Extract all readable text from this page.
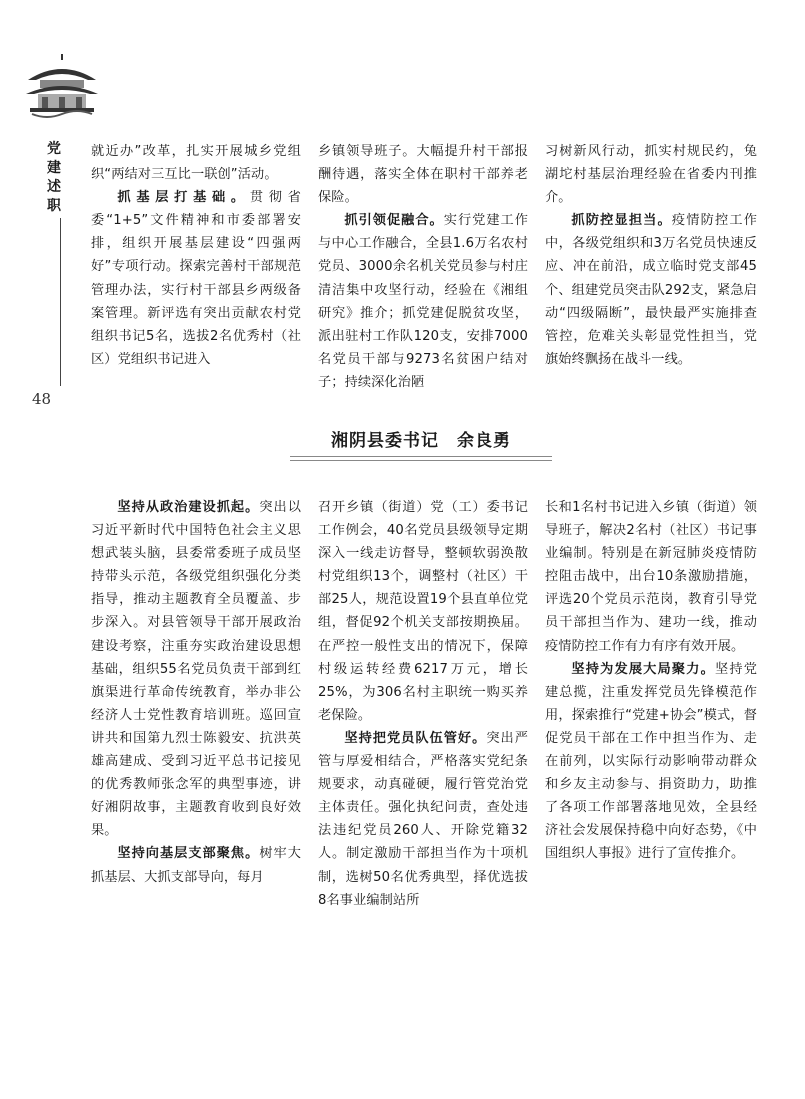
党建述职
48

就近办”改革，扎实开展城乡党组织“两结对三互比一联创”活动。

抓基层打基础。贯彻省委“1+5”文件精神和市委部署安排，组织开展基层建设“四强两好”专项行动。探索完善村干部规范管理办法，实行村干部县乡两级备案管理。新评选有突出贡献农村党组织书记5名，选拔2名优秀村（社区）党组织书记进入

乡镇领导班子。大幅提升村干部报酬待遇，落实全体在职村干部养老保险。

抓引领促融合。实行党建工作与中心工作融合，全县1.6万名农村党员、3000余名机关党员参与村庄清洁集中攻坚行动，经验在《湘组研究》推介；抓党建促脱贫攻坚，派出驻村工作队120支，安排7000名党员干部与9273名贫困户结对子；持续深化治陋

习树新风行动，抓实村规民约，兔湖坨村基层治理经验在省委内刊推介。

抓防控显担当。疫情防控工作中，各级党组织和3万名党员快速反应、冲在前沿，成立临时党支部45个、组建党员突击队292支，紧急启动“四级隔断”，最快最严实施排查管控，危难关头彰显党性担当，党旗始终飘扬在战斗一线。

湘阴县委书记　余良勇

坚持从政治建设抓起。突出以习近平新时代中国特色社会主义思想武装头脑，县委常委班子成员坚持带头示范，各级党组织强化分类指导，推动主题教育全员覆盖、步步深入。对县管领导干部开展政治建设考察，注重夯实政治建设思想基础，组织55名党员负责干部到红旗渠进行革命传统教育，举办非公经济人士党性教育培训班。巡回宣讲共和国第九烈士陈毅安、抗洪英雄高建成、受到习近平总书记接见的优秀教师张念军的典型事迹，讲好湘阴故事，主题教育收到良好效果。

坚持向基层支部聚焦。树牢大抓基层、大抓支部导向，每月

召开乡镇（街道）党（工）委书记工作例会，40名党员县级领导定期深入一线走访督导，整顿软弱涣散村党组织13个，调整村（社区）干部25人，规范设置19个县直单位党组，督促92个机关支部按期换届。在严控一般性支出的情况下，保障村级运转经费6217万元，增长25%，为306名村主职统一购买养老保险。

坚持把党员队伍管好。突出严管与厚爱相结合，严格落实党纪条规要求，动真碰硬，履行管党治党主体责任。强化执纪问责，查处违法违纪党员260人、开除党籍32人。制定激励干部担当作为十项机制，选树50名优秀典型，择优选拔8名事业编制站所

长和1名村书记进入乡镇（街道）领导班子，解决2名村（社区）书记事业编制。特别是在新冠肺炎疫情防控阻击战中，出台10条激励措施，评选20个党员示范岗，教育引导党员干部担当作为、建功一线，推动疫情防控工作有力有序有效开展。

坚持为发展大局聚力。坚持党建总揽，注重发挥党员先锋模范作用，探索推行“党建+协会”模式，督促党员干部在工作中担当作为、走在前列，以实际行动影响带动群众和乡友主动参与、捐资助力，助推了各项工作部署落地见效，全县经济社会发展保持稳中向好态势，《中国组织人事报》进行了宣传推介。
